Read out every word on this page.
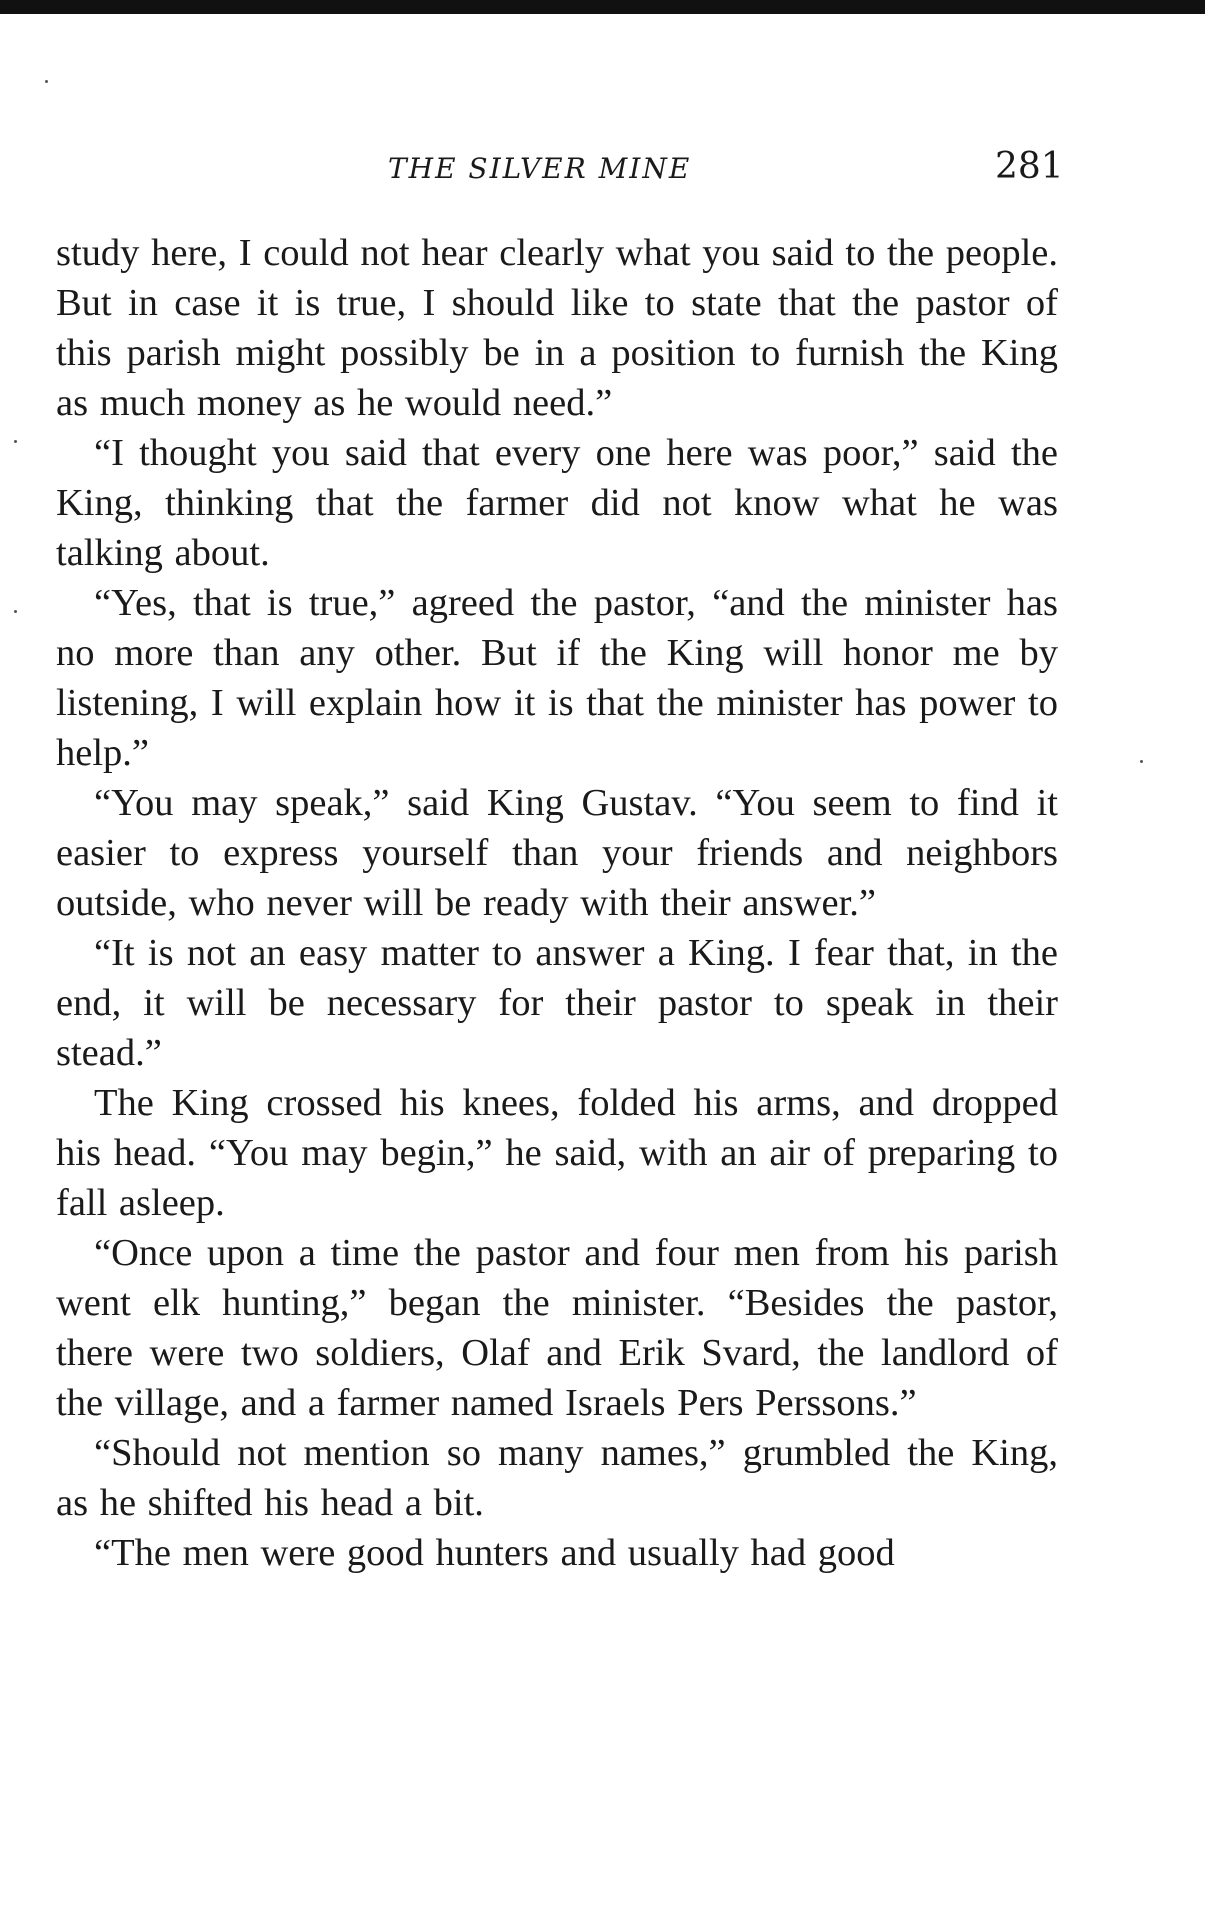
THE SILVER MINE	281

study here, I could not hear clearly what you said to the people. But in case it is true, I should like to state that the pastor of this parish might possibly be in a position to furnish the King as much money as he would need.”

“I thought you said that every one here was poor,” said the King, thinking that the farmer did not know what he was talking about.

“Yes, that is true,” agreed the pastor, “and the minister has no more than any other. But if the King will honor me by listening, I will explain how it is that the minister has power to help.”

“You may speak,” said King Gustav. “You seem to find it easier to express yourself than your friends and neighbors outside, who never will be ready with their answer.”

“It is not an easy matter to answer a King. I fear that, in the end, it will be necessary for their pastor to speak in their stead.”

The King crossed his knees, folded his arms, and dropped his head. “You may begin,” he said, with an air of preparing to fall asleep.

“Once upon a time the pastor and four men from his parish went elk hunting,” began the minister. “Besides the pastor, there were two soldiers, Olaf and Erik Svard, the landlord of the village, and a farmer named Israels Pers Perssons.”

“Should not mention so many names,” grumbled the King, as he shifted his head a bit.

“The men were good hunters and usually had good
